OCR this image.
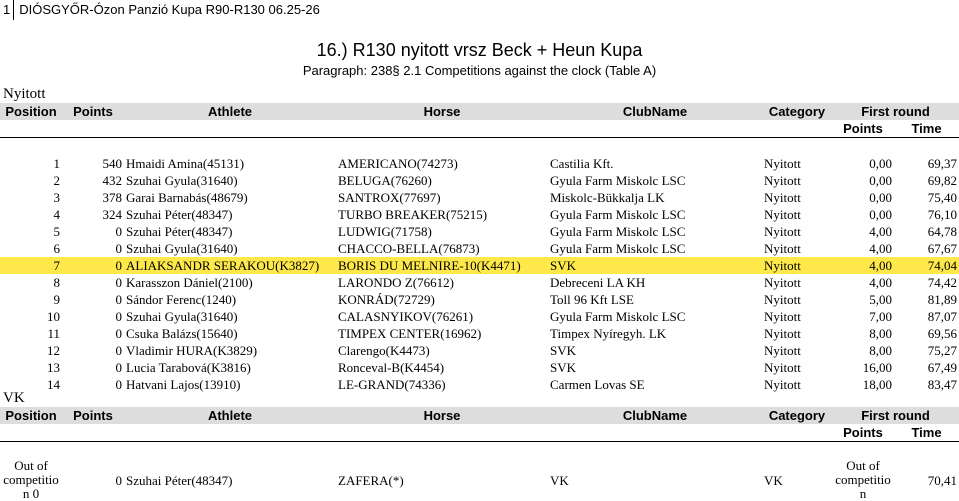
1 DIÓSGYŐR-Ózon Panzió Kupa R90-R130 06.25-26
16.) R130 nyitott vrsz Beck + Heun Kupa
Paragraph: 238§ 2.1 Competitions against the clock (Table A)
Nyitott
Position	Points	Athlete	Horse	ClubName	Category	First round	
						Points	Time

1	540	Hmaidi Amina(45131)	AMERICANO(74273)	Castilia Kft.	Nyitott	0,00	69,37
2	432	Szuhai Gyula(31640)	BELUGA(76260)	Gyula Farm Miskolc LSC	Nyitott	0,00	69,82
3	378	Garai Barnabás(48679)	SANTROX(77697)	Miskolc-Bükkalja LK	Nyitott	0,00	75,40
4	324	Szuhai Péter(48347)	TURBO BREAKER(75215)	Gyula Farm Miskolc LSC	Nyitott	0,00	76,10
5	0	Szuhai Péter(48347)	LUDWIG(71758)	Gyula Farm Miskolc LSC	Nyitott	4,00	64,78
6	0	Szuhai Gyula(31640)	CHACCO-BELLA(76873)	Gyula Farm Miskolc LSC	Nyitott	4,00	67,67
7	0	ALIAKSANDR SERAKOU(K3827)	BORIS DU MELNIRE-10(K4471)	SVK	Nyitott	4,00	74,04
8	0	Karasszon Dániel(2100)	LARONDO Z(76612)	Debreceni LA KH	Nyitott	4,00	74,42
9	0	Sándor Ferenc(1240)	KONRÁD(72729)	Toll 96 Kft LSE	Nyitott	5,00	81,89
10	0	Szuhai Gyula(31640)	CALASNYIKOV(76261)	Gyula Farm Miskolc LSC	Nyitott	7,00	87,07
11	0	Csuka Balázs(15640)	TIMPEX CENTER(16962)	Timpex Nyíregyh. LK	Nyitott	8,00	69,56
12	0	Vladimir HURA(K3829)	Clarengo(K4473)	SVK	Nyitott	8,00	75,27
13	0	Lucia Tarabová(K3816)	Ronceval-B(K4454)	SVK	Nyitott	16,00	67,49
14	0	Hatvani Lajos(13910)	LE-GRAND(74336)	Carmen Lovas SE	Nyitott	18,00	83,47
VK
Position	Points	Athlete	Horse	ClubName	Category	First round	
						Points	Time

Out of competitio n 0	0	Szuhai Péter(48347)	ZAFERA(*)	VK	VK	Out of competitio n	70,41
